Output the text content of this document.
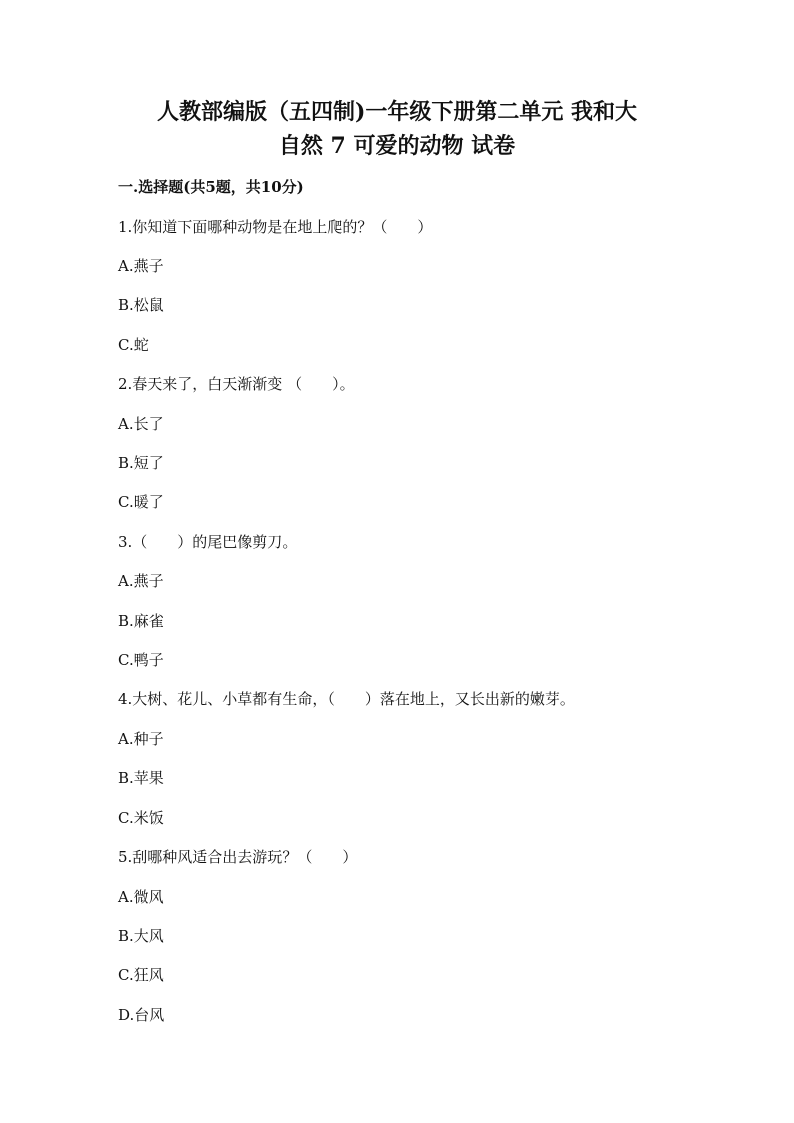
人教部编版（五四制)一年级下册第二单元 我和大
自然 7 可爱的动物 试卷
一.选择题(共5题，共10分)
1.你知道下面哪种动物是在地上爬的？（　　）
A.燕子
B.松鼠
C.蛇
2.春天来了，白天渐渐变 （　　）。
A.长了
B.短了
C.暖了
3.（　　）的尾巴像剪刀。
A.燕子
B.麻雀
C.鸭子
4.大树、花儿、小草都有生命，（　　）落在地上，又长出新的嫩芽。
A.种子
B.苹果
C.米饭
5.刮哪种风适合出去游玩？（　　）
A.微风
B.大风
C.狂风
D.台风
